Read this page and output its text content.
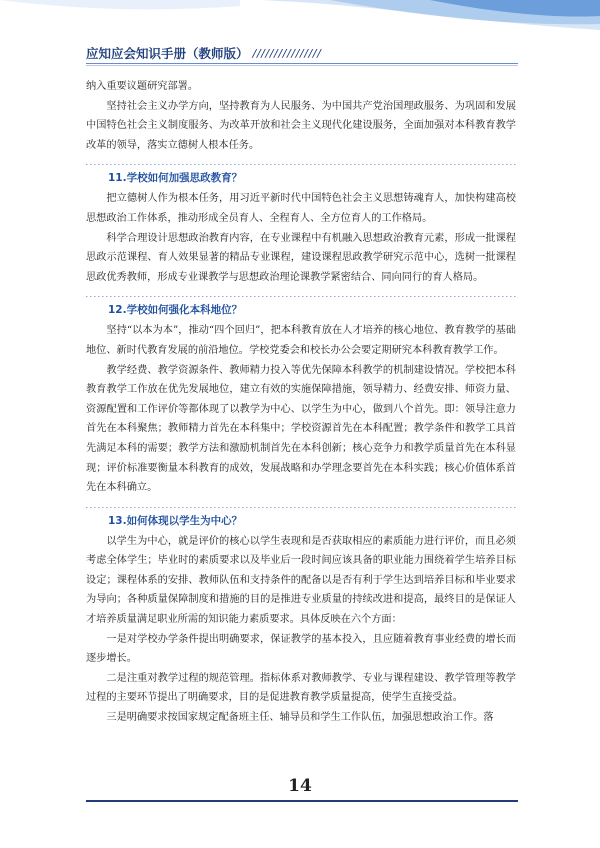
应知应会知识手册（教师版） ////////////////

纳入重要议题研究部署。

坚持社会主义办学方向，坚持教育为人民服务、为中国共产党治国理政服务、为巩固和发展中国特色社会主义制度服务、为改革开放和社会主义现代化建设服务，全面加强对本科教育教学改革的领导，落实立德树人根本任务。

11.学校如何加强思政教育？

把立德树人作为根本任务，用习近平新时代中国特色社会主义思想铸魂育人，加快构建高校思想政治工作体系，推动形成全员育人、全程育人、全方位育人的工作格局。

科学合理设计思想政治教育内容，在专业课程中有机融入思想政治教育元素，形成一批课程思政示范课程、育人效果显著的精品专业课程，建设课程思政教学研究示范中心，选树一批课程思政优秀教师，形成专业课教学与思想政治理论课教学紧密结合、同向同行的育人格局。

12.学校如何强化本科地位？

坚持“以本为本”，推动“四个回归”，把本科教育放在人才培养的核心地位、教育教学的基础地位、新时代教育发展的前沿地位。学校党委会和校长办公会要定期研究本科教育教学工作。

教学经费、教学资源条件、教师精力投入等优先保障本科教学的机制建设情况。学校把本科教育教学工作放在优先发展地位，建立有效的实施保障措施，领导精力、经费安排、师资力量、资源配置和工作评价等都体现了以教学为中心、以学生为中心，做到八个首先。即：领导注意力首先在本科聚焦；教师精力首先在本科集中；学校资源首先在本科配置；教学条件和教学工具首先满足本科的需要；教学方法和激励机制首先在本科创新；核心竞争力和教学质量首先在本科显现；评价标准要衡量本科教育的成效，发展战略和办学理念要首先在本科实践；核心价值体系首先在本科确立。

13.如何体现以学生为中心？

以学生为中心，就是评价的核心以学生表现和是否获取相应的素质能力进行评价，而且必须考虑全体学生；毕业时的素质要求以及毕业后一段时间应该具备的职业能力围绕着学生培养目标设定；课程体系的安排、教师队伍和支持条件的配备以是否有利于学生达到培养目标和毕业要求为导向；各种质量保障制度和措施的目的是推进专业质量的持续改进和提高，最终目的是保证人才培养质量满足职业所需的知识能力素质要求。具体反映在六个方面：

一是对学校办学条件提出明确要求，保证教学的基本投入，且应随着教育事业经费的增长而逐步增长。

二是注重对教学过程的规范管理。指标体系对教师教学、专业与课程建设、教学管理等教学过程的主要环节提出了明确要求，目的是促进教育教学质量提高，使学生直接受益。

三是明确要求按国家规定配备班主任、辅导员和学生工作队伍，加强思想政治工作。落

14
